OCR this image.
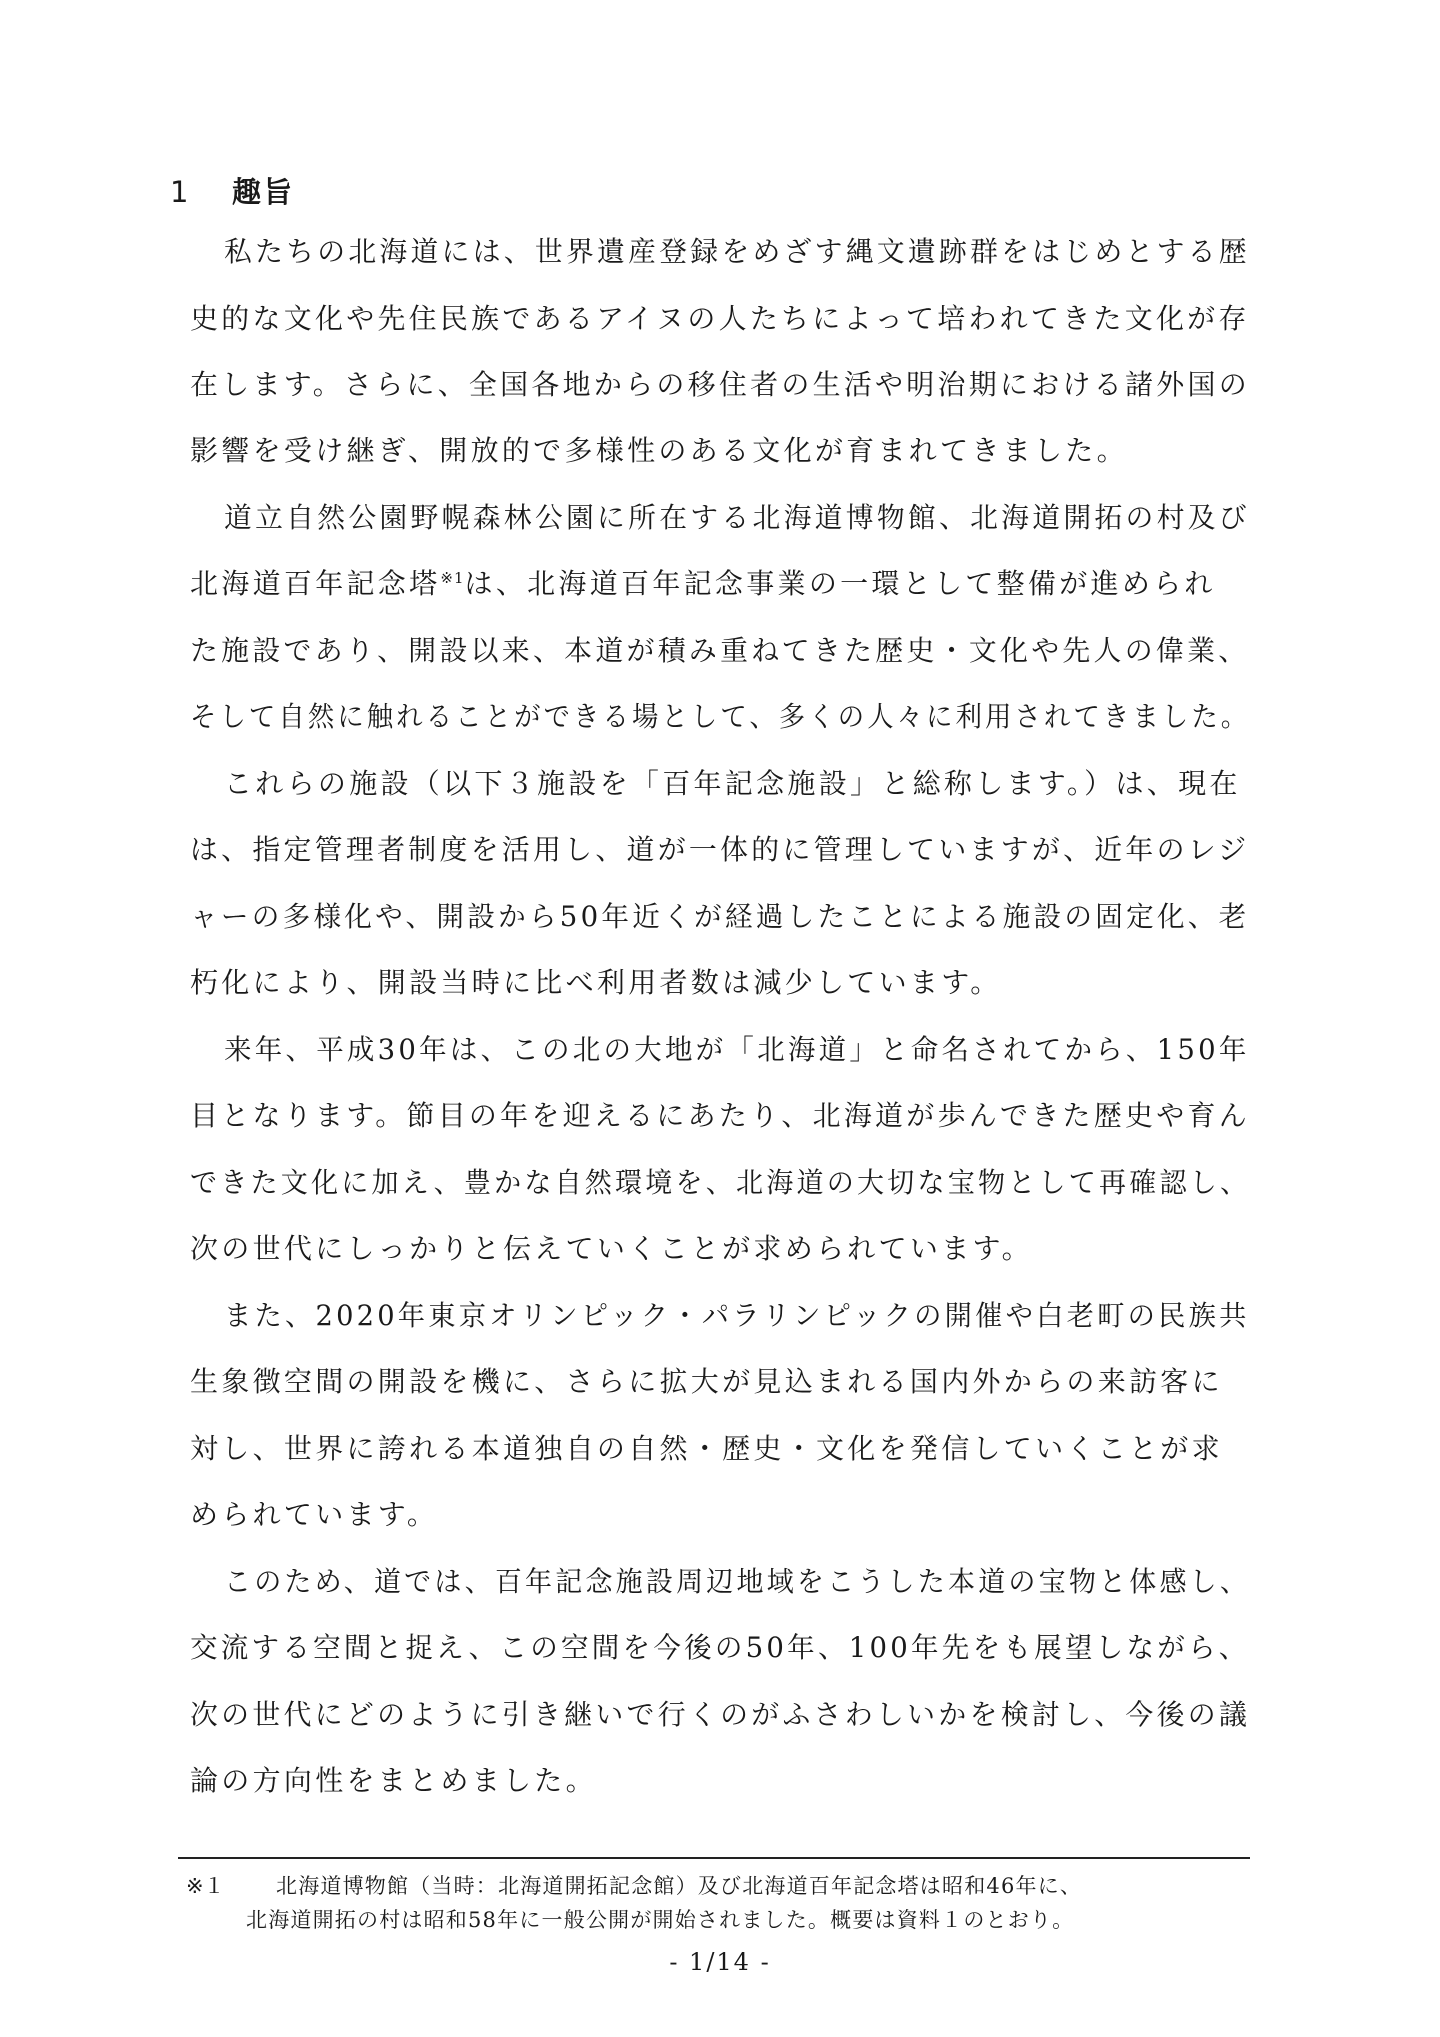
1 趣旨
私たちの北海道には、世界遺産登録をめざす縄文遺跡群をはじめとする歴
史的な文化や先住民族であるアイヌの人たちによって培われてきた文化が存
在します。さらに、全国各地からの移住者の生活や明治期における諸外国の
影響を受け継ぎ、開放的で多様性のある文化が育まれてきました。
道立自然公園野幌森林公園に所在する北海道博物館、北海道開拓の村及び
北海道百年記念塔$^{※1}$は、北海道百年記念事業の一環として整備が進められ
た施設であり、開設以来、本道が積み重ねてきた歴史・文化や先人の偉業、
そして自然に触れることができる場として、多くの人々に利用されてきました。
これらの施設（以下３施設を「百年記念施設」と総称します。）は、現在
は、指定管理者制度を活用し、道が一体的に管理していますが、近年のレジ
ャーの多様化や、開設から50年近くが経過したことによる施設の固定化、老
朽化により、開設当時に比べ利用者数は減少しています。
来年、平成30年は、この北の大地が「北海道」と命名されてから、150年
目となります。節目の年を迎えるにあたり、北海道が歩んできた歴史や育ん
できた文化に加え、豊かな自然環境を、北海道の大切な宝物として再確認し、
次の世代にしっかりと伝えていくことが求められています。
また、2020年東京オリンピック・パラリンピックの開催や白老町の民族共
生象徴空間の開設を機に、さらに拡大が見込まれる国内外からの来訪客に
対し、世界に誇れる本道独自の自然・歴史・文化を発信していくことが求
められています。
このため、道では、百年記念施設周辺地域をこうした本道の宝物と体感し、
交流する空間と捉え、この空間を今後の50年、100年先をも展望しながら、
次の世代にどのように引き継いで行くのがふさわしいかを検討し、今後の議
論の方向性をまとめました。
※１ 北海道博物館（当時：北海道開拓記念館）及び北海道百年記念塔は昭和46年に、
北海道開拓の村は昭和58年に一般公開が開始されました。概要は資料１のとおり。
- 1/14 -
